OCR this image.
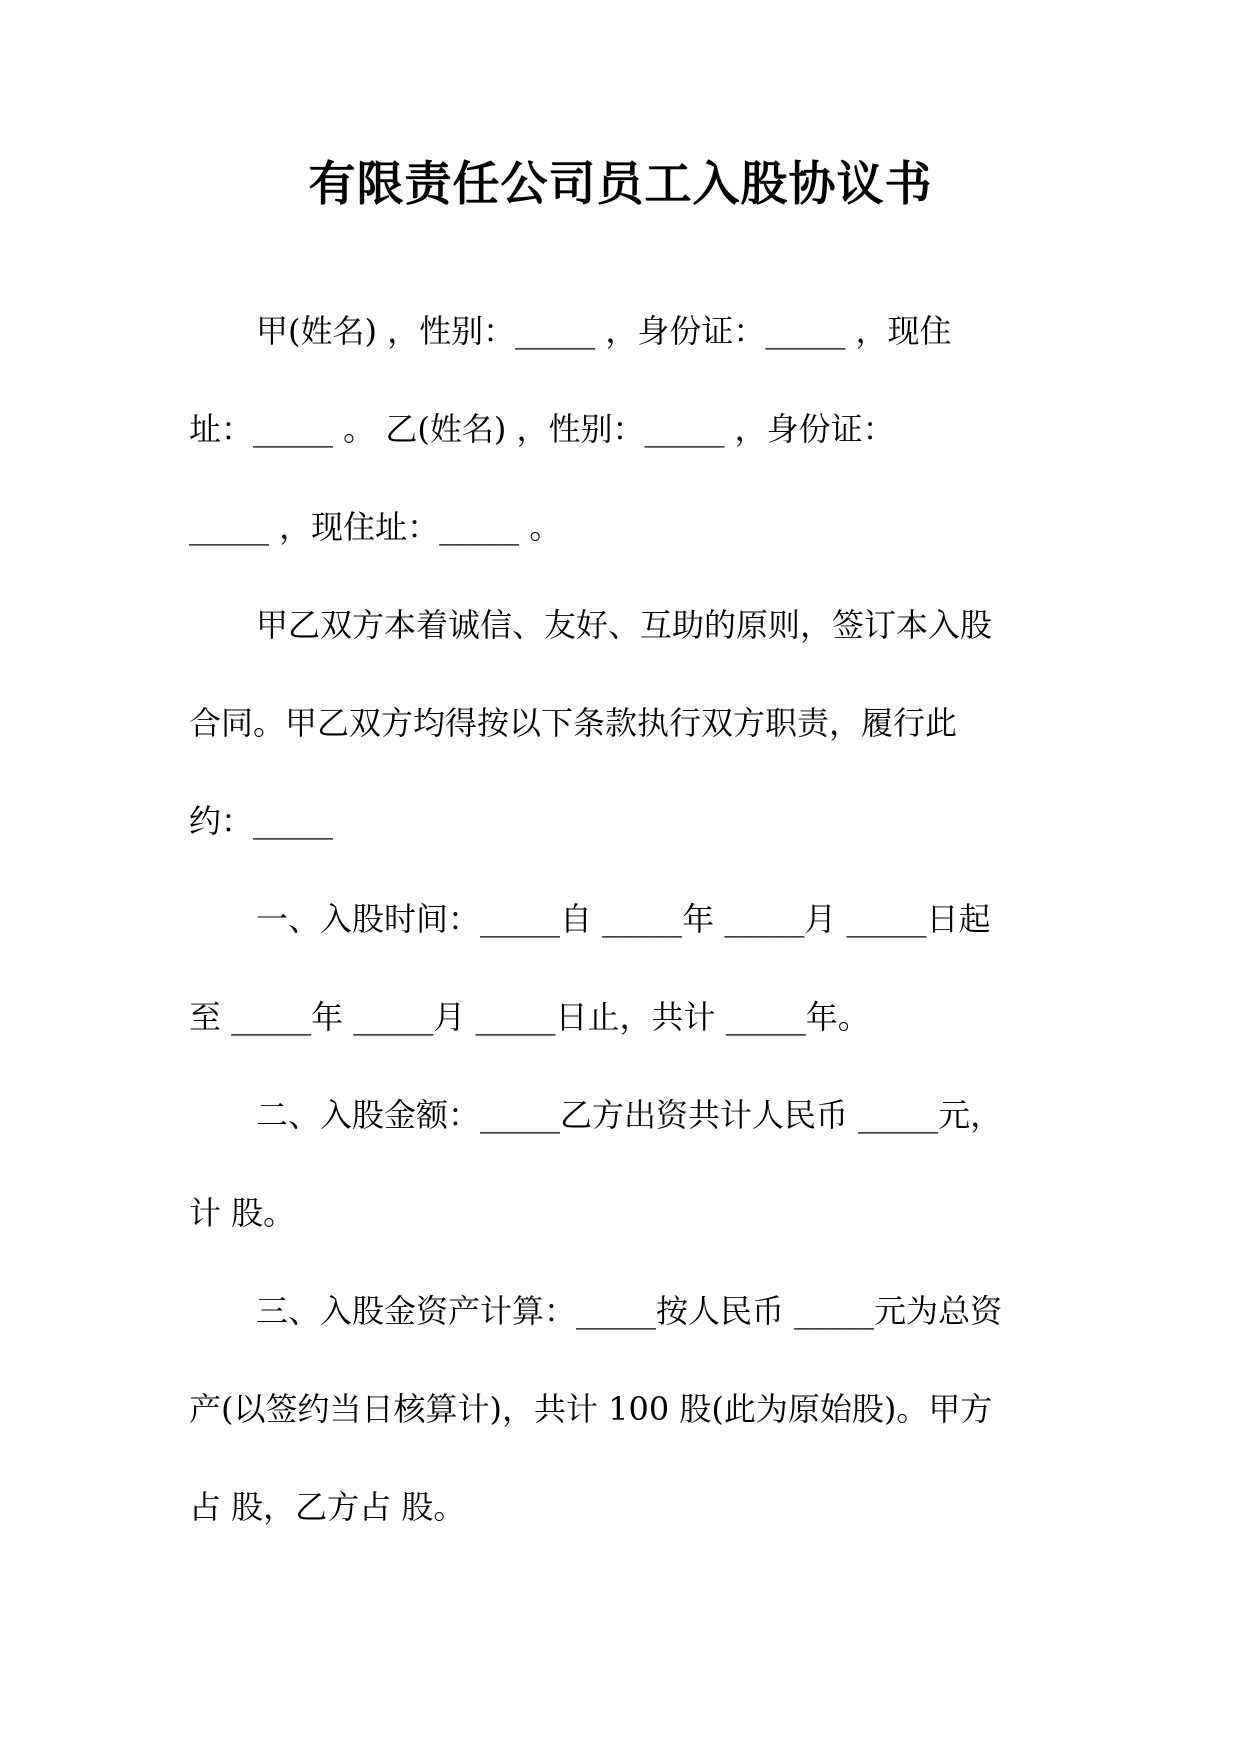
有限责任公司员工入股协议书

甲(姓名) ，性别：_____ ，身份证：_____ ，现住

址：_____ 。 乙(姓名) ，性别：_____ ，身份证：

_____ ，现住址：_____ 。

甲乙双方本着诚信、友好、互助的原则，签订本入股

合同。甲乙双方均得按以下条款执行双方职责，履行此

约：_____

一、入股时间：_____自 _____年 _____月 _____日起

至 _____年 _____月 _____日止，共计 _____年。

二、入股金额：_____乙方出资共计人民币 _____元，

计 股。

三、入股金资产计算：_____按人民币 _____元为总资

产(以签约当日核算计)，共计 100 股(此为原始股)。甲方

占 股，乙方占 股。
